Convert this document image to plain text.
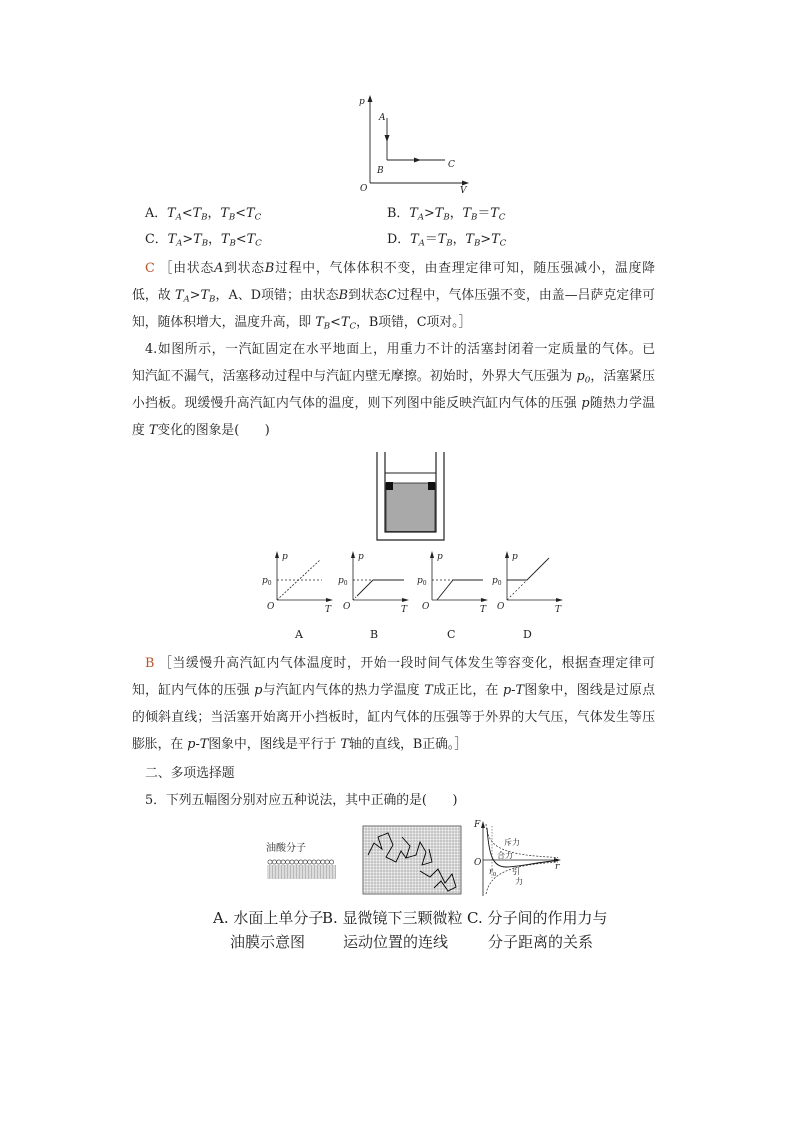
p
O	V
A
B
C
A．$T_A<T_B$，$T_B<T_C$	B．$T_A>T_B$，$T_B=T_C$
C．$T_A>T_B$，$T_B<T_C$	D．$T_A=T_B$，$T_B>T_C$
C ［由状态A到状态B过程中，气体体积不变，由查理定律可知，随压强减小，温度降
低，故 $T_A>T_B$，A、D项错；由状态B到状态C过程中，气体压强不变，由盖—吕萨克定律可
知，随体积增大，温度升高，即 $T_B<T_C$，B项错，C项对。］
4.如图所示，一汽缸固定在水平地面上，用重力不计的活塞封闭着一定质量的气体。已
知汽缸不漏气，活塞移动过程中与汽缸内壁无摩擦。初始时，外界大气压强为 $p_0$，活塞紧压
小挡板。现缓慢升高汽缸内气体的温度，则下列图中能反映汽缸内气体的压强 p随热力学温
度 T变化的图象是(　　)
p
$p_0$
O	T
p
$p_0$
O	T
p
$p_0$
O	T
p
$p_0$
O	T
A	B	C	D
B ［当缓慢升高汽缸内气体温度时，开始一段时间气体发生等容变化，根据查理定律可
知，缸内气体的压强 p与汽缸内气体的热力学温度 T成正比，在 p-T图象中，图线是过原点
的倾斜直线；当活塞开始离开小挡板时，缸内气体的压强等于外界的大气压，气体发生等压
膨胀，在 p-T图象中，图线是平行于 T轴的直线，B正确。］
二、多项选择题
5．下列五幅图分别对应五种说法，其中正确的是(　　)
油酸分子
F
O	r
$r_0$
斥力
合力
引
力
A. 水面上单分子
油膜示意图
B. 显微镜下三颗微粒
运动位置的连线
C. 分子间的作用力与
分子距离的关系
